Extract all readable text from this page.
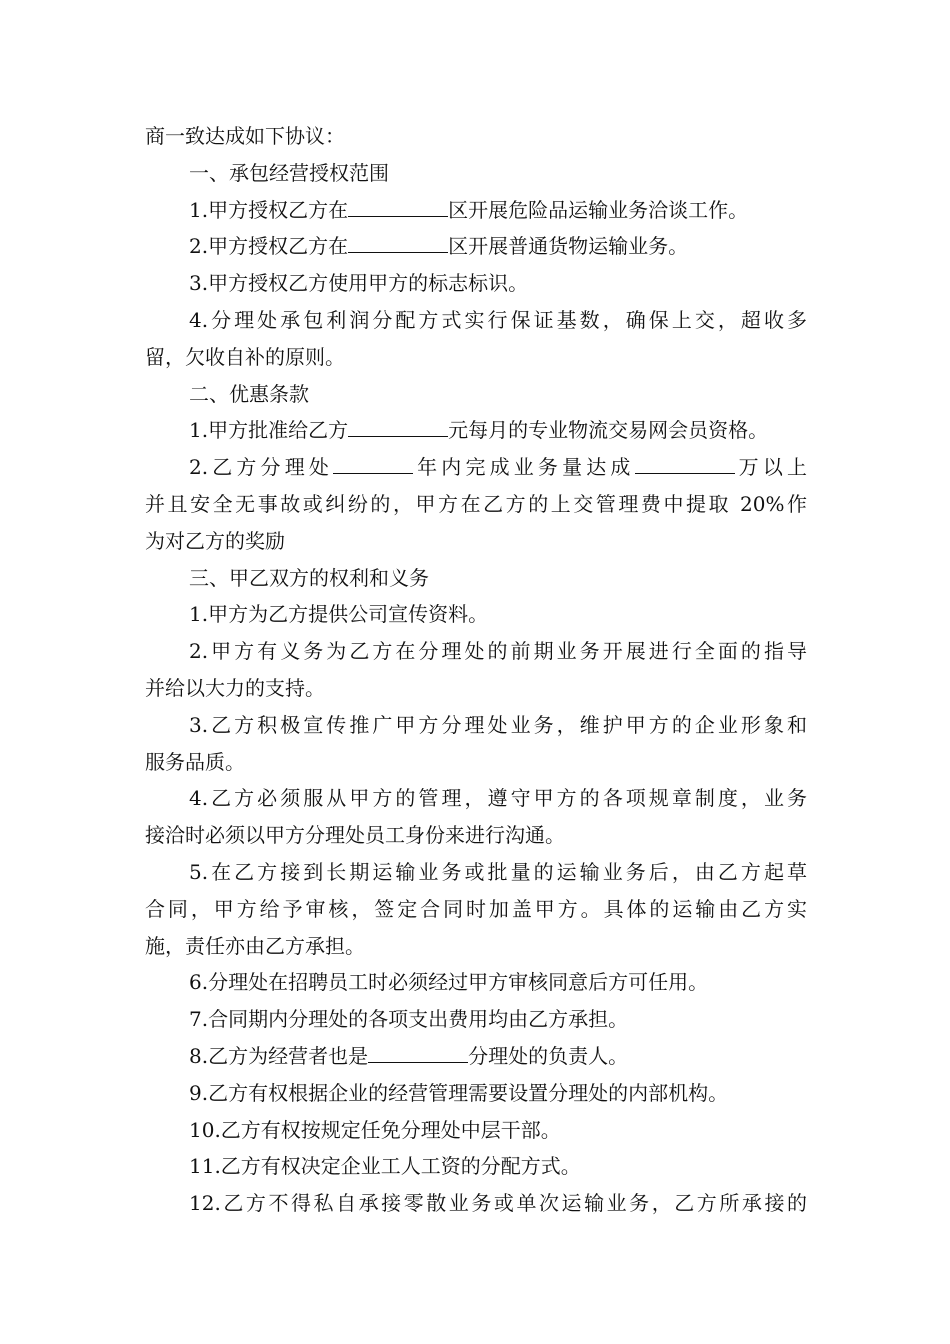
商一致达成如下协议：
一、承包经营授权范围
1.甲方授权乙方在	区开展危险品运输业务洽谈工作。
2.甲方授权乙方在	区开展普通货物运输业务。
3.甲方授权乙方使用甲方的标志标识。
4.分理处承包利润分配方式实行保证基数，确保上交，超收多
留，欠收自补的原则。
二、优惠条款
1.甲方批准给乙方	元每月的专业物流交易网会员资格。
2.乙方分理处	年内完成业务量达成	万以上
并且安全无事故或纠纷的，甲方在乙方的上交管理费中提取 20%作
为对乙方的奖励
三、甲乙双方的权利和义务
1.甲方为乙方提供公司宣传资料。
2.甲方有义务为乙方在分理处的前期业务开展进行全面的指导
并给以大力的支持。
3.乙方积极宣传推广甲方分理处业务，维护甲方的企业形象和
服务品质。
4.乙方必须服从甲方的管理，遵守甲方的各项规章制度，业务
接洽时必须以甲方分理处员工身份来进行沟通。
5.在乙方接到长期运输业务或批量的运输业务后，由乙方起草
合同，甲方给予审核，签定合同时加盖甲方。具体的运输由乙方实
施，责任亦由乙方承担。
6.分理处在招聘员工时必须经过甲方审核同意后方可任用。
7.合同期内分理处的各项支出费用均由乙方承担。
8.乙方为经营者也是	分理处的负责人。
9.乙方有权根据企业的经营管理需要设置分理处的内部机构。
10.乙方有权按规定任免分理处中层干部。
11.乙方有权决定企业工人工资的分配方式。
12.乙方不得私自承接零散业务或单次运输业务，乙方所承接的
